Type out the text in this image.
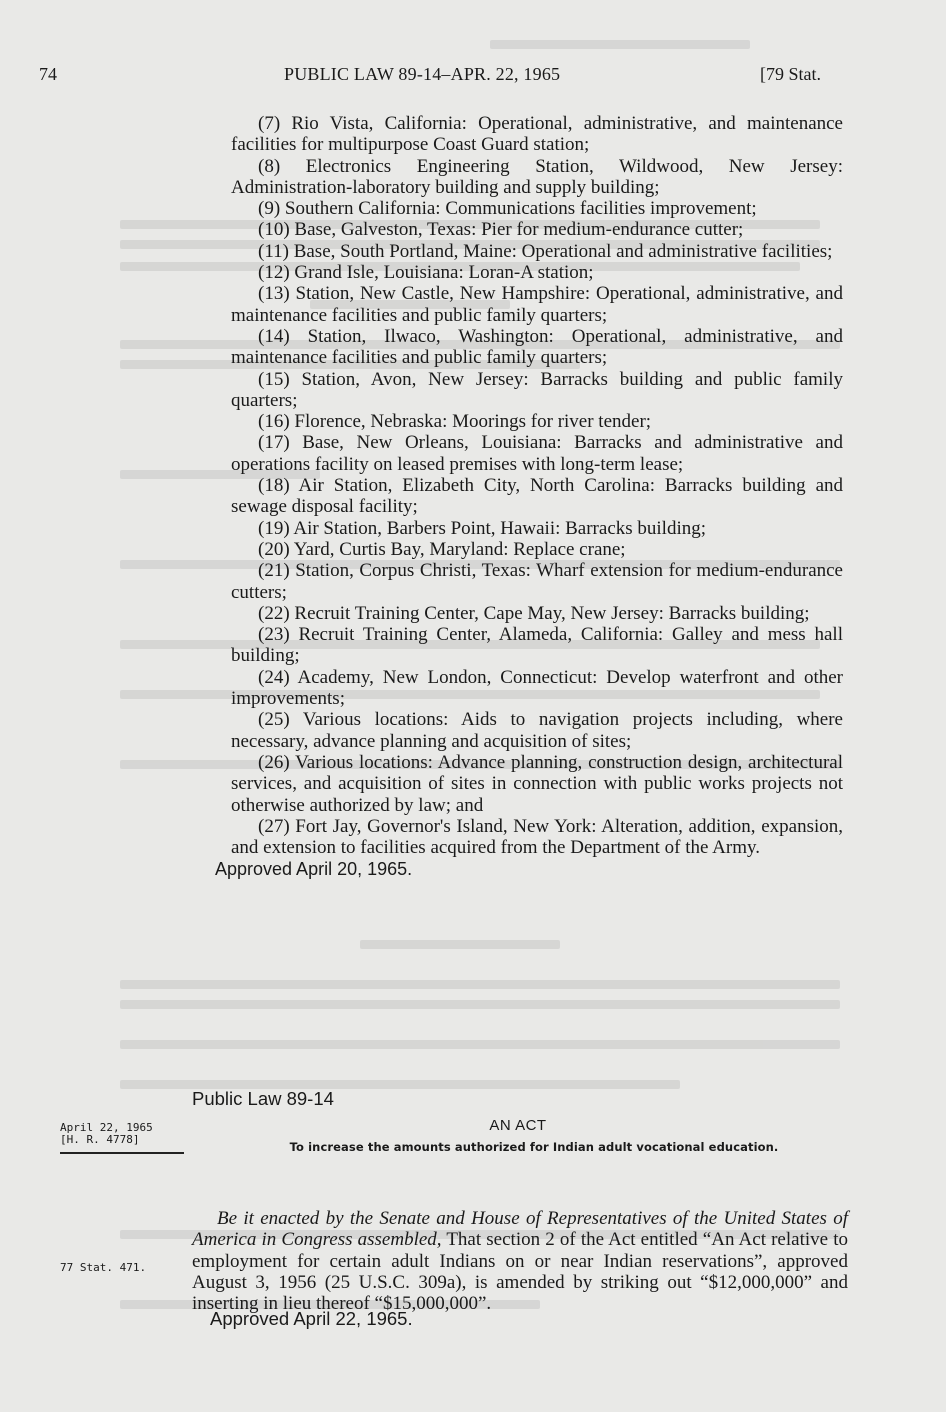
74	PUBLIC LAW 89-14–APR. 22, 1965	[79 Stat.

(7) Rio Vista, California: Operational, administrative, and maintenance facilities for multipurpose Coast Guard station;

(8) Electronics Engineering Station, Wildwood, New Jersey: Administration-laboratory building and supply building;

(9) Southern California: Communications facilities improvement;

(10) Base, Galveston, Texas: Pier for medium-endurance cutter;

(11) Base, South Portland, Maine: Operational and administrative facilities;

(12) Grand Isle, Louisiana: Loran-A station;

(13) Station, New Castle, New Hampshire: Operational, administrative, and maintenance facilities and public family quarters;

(14) Station, Ilwaco, Washington: Operational, administrative, and maintenance facilities and public family quarters;

(15) Station, Avon, New Jersey: Barracks building and public family quarters;

(16) Florence, Nebraska: Moorings for river tender;

(17) Base, New Orleans, Louisiana: Barracks and administrative and operations facility on leased premises with long-term lease;

(18) Air Station, Elizabeth City, North Carolina: Barracks building and sewage disposal facility;

(19) Air Station, Barbers Point, Hawaii: Barracks building;

(20) Yard, Curtis Bay, Maryland: Replace crane;

(21) Station, Corpus Christi, Texas: Wharf extension for medium-endurance cutters;

(22) Recruit Training Center, Cape May, New Jersey: Barracks building;

(23) Recruit Training Center, Alameda, California: Galley and mess hall building;

(24) Academy, New London, Connecticut: Develop waterfront and other improvements;

(25) Various locations: Aids to navigation projects including, where necessary, advance planning and acquisition of sites;

(26) Various locations: Advance planning, construction design, architectural services, and acquisition of sites in connection with public works projects not otherwise authorized by law; and

(27) Fort Jay, Governor's Island, New York: Alteration, addition, expansion, and extension to facilities acquired from the Department of the Army.

Approved April 20, 1965.

Public Law 89-14
April 22, 1965
[H. R. 4778]
AN ACT
To increase the amounts authorized for Indian adult vocational education.
77 Stat. 471.
Be it enacted by the Senate and House of Representatives of the United States of America in Congress assembled, That section 2 of the Act entitled “An Act relative to employment for certain adult Indians on or near Indian reservations”, approved August 3, 1956 (25 U.S.C. 309a), is amended by striking out “$12,000,000” and inserting in lieu thereof “$15,000,000”.
Approved April 22, 1965.
